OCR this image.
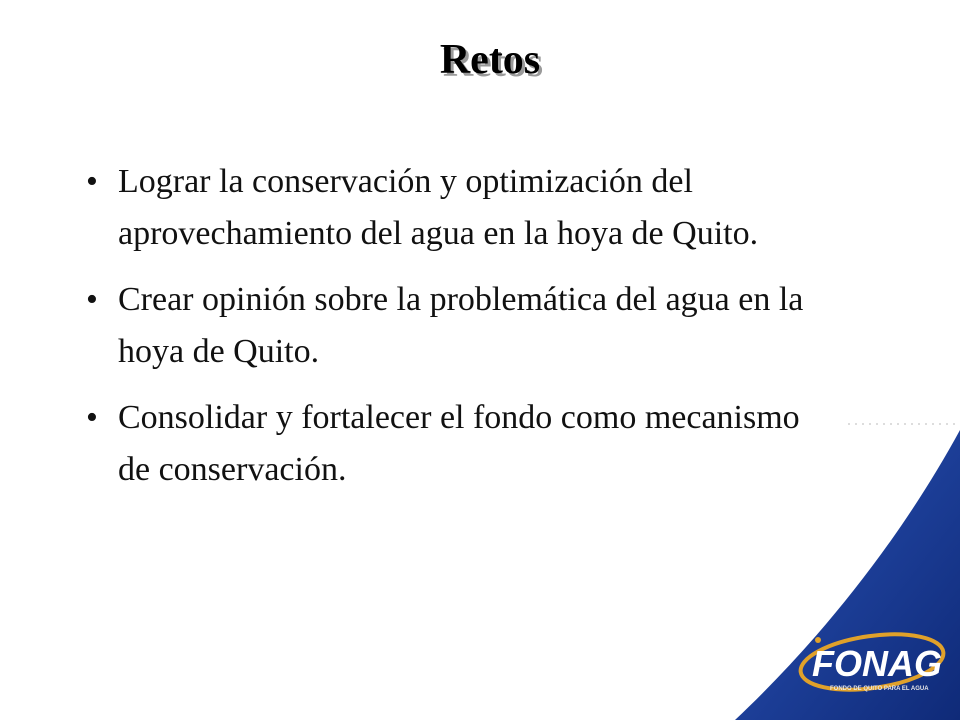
Retos
• Lograr la conservación y optimización del aprovechamiento del agua en la hoya de Quito.
• Crear opinión sobre la problemática del agua en la hoya de Quito.
• Consolidar y fortalecer el fondo como mecanismo de conservación.
FONAG
FONDO DE QUITO PARA EL AGUA
